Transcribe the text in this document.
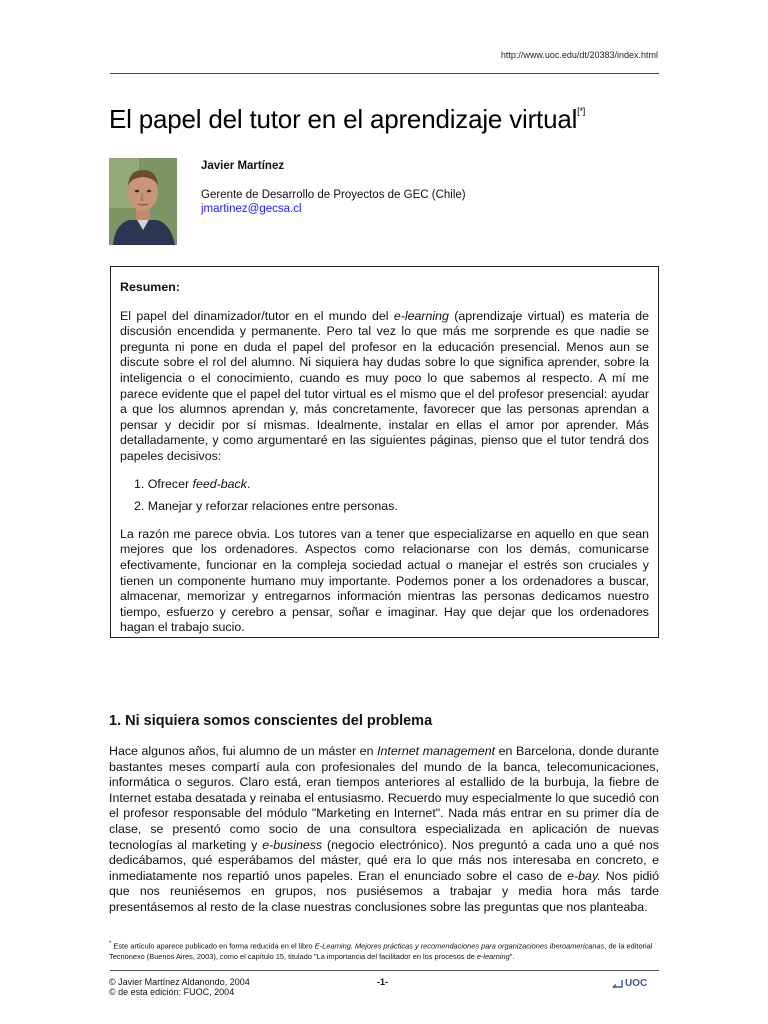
http://www.uoc.edu/dt/20383/index.html
El papel del tutor en el aprendizaje virtual[*]
Javier Martínez
Gerente de Desarrollo de Proyectos de GEC (Chile)
jmartinez@gecsa.cl

Resumen:

El papel del dinamizador/tutor en el mundo del e-learning (aprendizaje virtual) es materia de discusión encendida y permanente. Pero tal vez lo que más me sorprende es que nadie se pregunta ni pone en duda el papel del profesor en la educación presencial. Menos aun se discute sobre el rol del alumno. Ni siquiera hay dudas sobre lo que significa aprender, sobre la inteligencia o el conocimiento, cuando es muy poco lo que sabemos al respecto. A mí me parece evidente que el papel del tutor virtual es el mismo que el del profesor presencial: ayudar a que los alumnos aprendan y, más concretamente, favorecer que las personas aprendan a pensar y decidir por sí mismas. Idealmente, instalar en ellas el amor por aprender. Más detalladamente, y como argumentaré en las siguientes páginas, pienso que el tutor tendrá dos papeles decisivos:

1. Ofrecer feed-back.
2. Manejar y reforzar relaciones entre personas.

La razón me parece obvia. Los tutores van a tener que especializarse en aquello en que sean mejores que los ordenadores. Aspectos como relacionarse con los demás, comunicarse efectivamente, funcionar en la compleja sociedad actual o manejar el estrés son cruciales y tienen un componente humano muy importante. Podemos poner a los ordenadores a buscar, almacenar, memorizar y entregarnos información mientras las personas dedicamos nuestro tiempo, esfuerzo y cerebro a pensar, soñar e imaginar. Hay que dejar que los ordenadores hagan el trabajo sucio.

1. Ni siquiera somos conscientes del problema

Hace algunos años, fui alumno de un máster en Internet management en Barcelona, donde durante bastantes meses compartí aula con profesionales del mundo de la banca, telecomunicaciones, informática o seguros. Claro está, eran tiempos anteriores al estallido de la burbuja, la fiebre de Internet estaba desatada y reinaba el entusiasmo. Recuerdo muy especialmente lo que sucedió con el profesor responsable del módulo "Marketing en Internet". Nada más entrar en su primer día de clase, se presentó como socio de una consultora especializada en aplicación de nuevas tecnologías al marketing y e-business (negocio electrónico). Nos preguntó a cada uno a qué nos dedicábamos, qué esperábamos del máster, qué era lo que más nos interesaba en concreto, e inmediatamente nos repartió unos papeles. Eran el enunciado sobre el caso de e-bay. Nos pidió que nos reuniésemos en grupos, nos pusiésemos a trabajar y media hora más tarde presentásemos al resto de la clase nuestras conclusiones sobre las preguntas que nos planteaba.

* Este artículo aparece publicado en forma reducida en el libro E-Learning. Mejores prácticas y recomendaciones para organizaciones iberoamericanas, de la editorial Tecnonexo (Buenos Aires, 2003), como el capítulo 15, titulado "La importancia del facilitador en los procesos de e-learning".

© Javier Martínez Aldanondo, 2004
© de esta edición: FUOC, 2004
-1-	UOC
